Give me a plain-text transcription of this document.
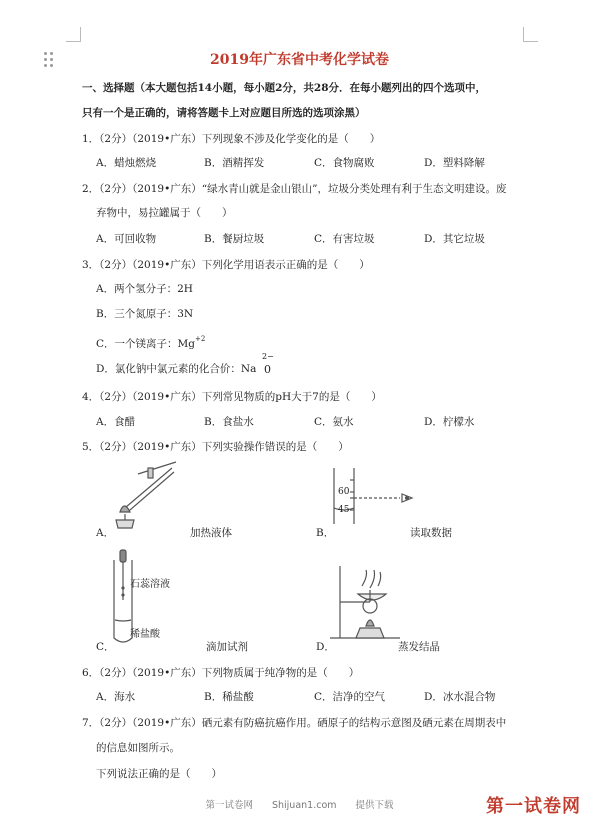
2019年广东省中考化学试卷
一、选择题（本大题包括14小题，每小题2分，共28分．在每小题列出的四个选项中，
只有一个是正确的，请将答题卡上对应题目所选的选项涂黑）
1．（2分）（2019•广东）下列现象不涉及化学变化的是（　　）
A．蜡烛燃烧	B．酒精挥发	C．食物腐败	D．塑料降解
2．（2分）（2019•广东）“绿水青山就是金山银山”，垃圾分类处理有利于生态文明建设。废
弃物中，易拉罐属于（　　）
A．可回收物	B．餐厨垃圾	C．有害垃圾	D．其它垃圾
3．（2分）（2019•广东）下列化学用语表示正确的是（　　）
A．两个氢分子：2H
B．三个氮原子：3N
C．一个镁离子：$Mg^{+2}$
D．氯化钠中氯元素的化合价：Na
2−
0
4．（2分）（2019•广东）下列常见物质的pH大于7的是（　　）
A．食醋	B．食盐水	C．氨水	D．柠檬水
5．（2分）（2019•广东）下列实验操作错误的是（　　）
A．	加热液体
60
45
B．	读取数据
石蕊溶液
稀盐酸
C．	滴加试剂	D．	蒸发结晶
6．（2分）（2019•广东）下列物质属于纯净物的是（　　）
A．海水	B．稀盐酸	C．洁净的空气	D．冰水混合物
7．（2分）（2019•广东）硒元素有防癌抗癌作用。硒原子的结构示意图及硒元素在周期表中
的信息如图所示。
下列说法正确的是（　　）
第一试卷网　　Shijuan1.com　　提供下载	第一试卷网
